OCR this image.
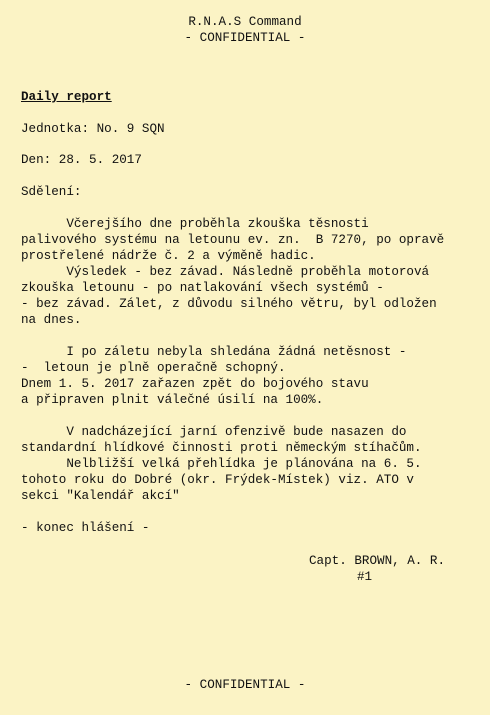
R.N.A.S Command
- CONFIDENTIAL -
Daily report
Jednotka: No. 9 SQN
Den: 28. 5. 2017
Sdělení:
Včerejšího dne proběhla zkouška těsnosti
palivového systému na letounu ev. zn.  B 7270, po opravě
prostřelené nádrže č. 2 a výměně hadic.
Výsledek - bez závad. Následně proběhla motorová
zkouška letounu - po natlakování všech systémů -
- bez závad. Zálet, z důvodu silného větru, byl odložen
na dnes.
I po záletu nebyla shledána žádná netěsnost -
-  letoun je plně operačně schopný.
Dnem 1. 5. 2017 zařazen zpět do bojového stavu
a připraven plnit válečné úsilí na 100%.
V nadcházející jarní ofenzivě bude nasazen do
standardní hlídkové činnosti proti německým stíhačům.
Nelbližší velká přehlídka je plánována na 6. 5.
tohoto roku do Dobré (okr. Frýdek-Místek) viz. ATO v
sekci "Kalendář akcí"
- konec hlášení -
Capt. BROWN, A. R.
#1
- CONFIDENTIAL -
